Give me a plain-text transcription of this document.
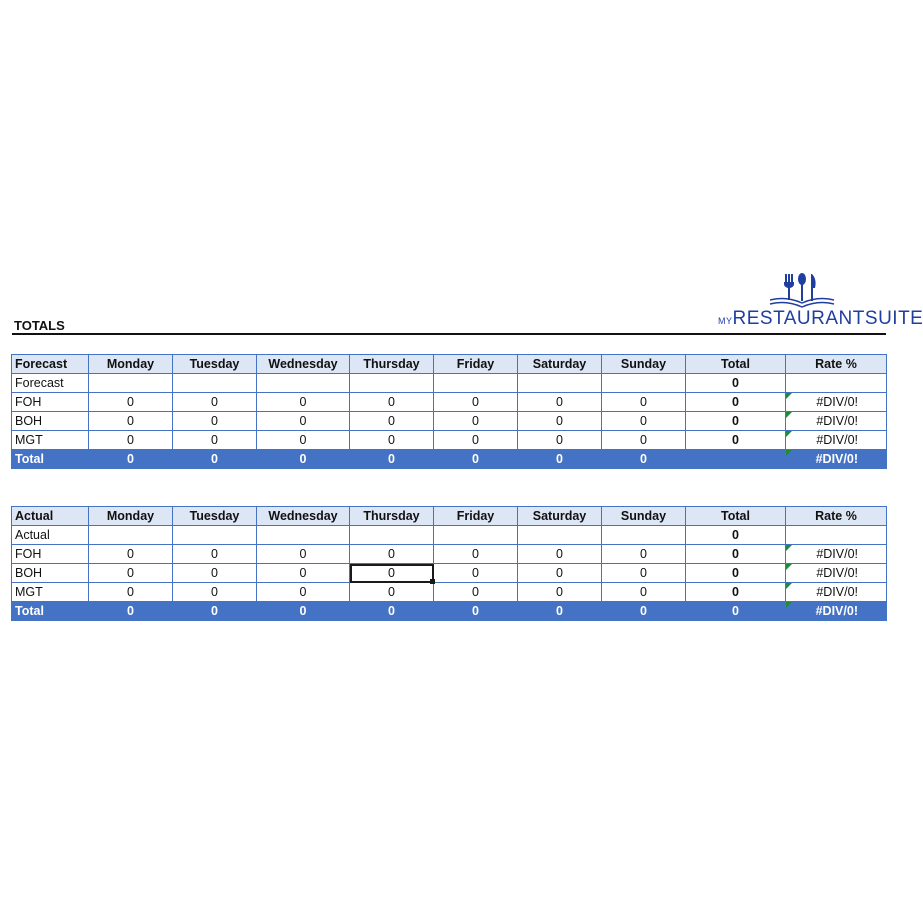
TOTALS	MYRESTAURANTSUITE
Forecast	Monday	Tuesday	Wednesday	Thursday	Friday	Saturday	Sunday	Total	Rate %
Forecast								0	
FOH	0	0	0	0	0	0	0	0	#DIV/0!
BOH	0	0	0	0	0	0	0	0	#DIV/0!
MGT	0	0	0	0	0	0	0	0	#DIV/0!
Total	0	0	0	0	0	0	0		#DIV/0!
Actual	Monday	Tuesday	Wednesday	Thursday	Friday	Saturday	Sunday	Total	Rate %
Actual								0	
FOH	0	0	0	0	0	0	0	0	#DIV/0!
BOH	0	0	0	0	0	0	0	0	#DIV/0!
MGT	0	0	0	0	0	0	0	0	#DIV/0!
Total	0	0	0	0	0	0	0	0	#DIV/0!
